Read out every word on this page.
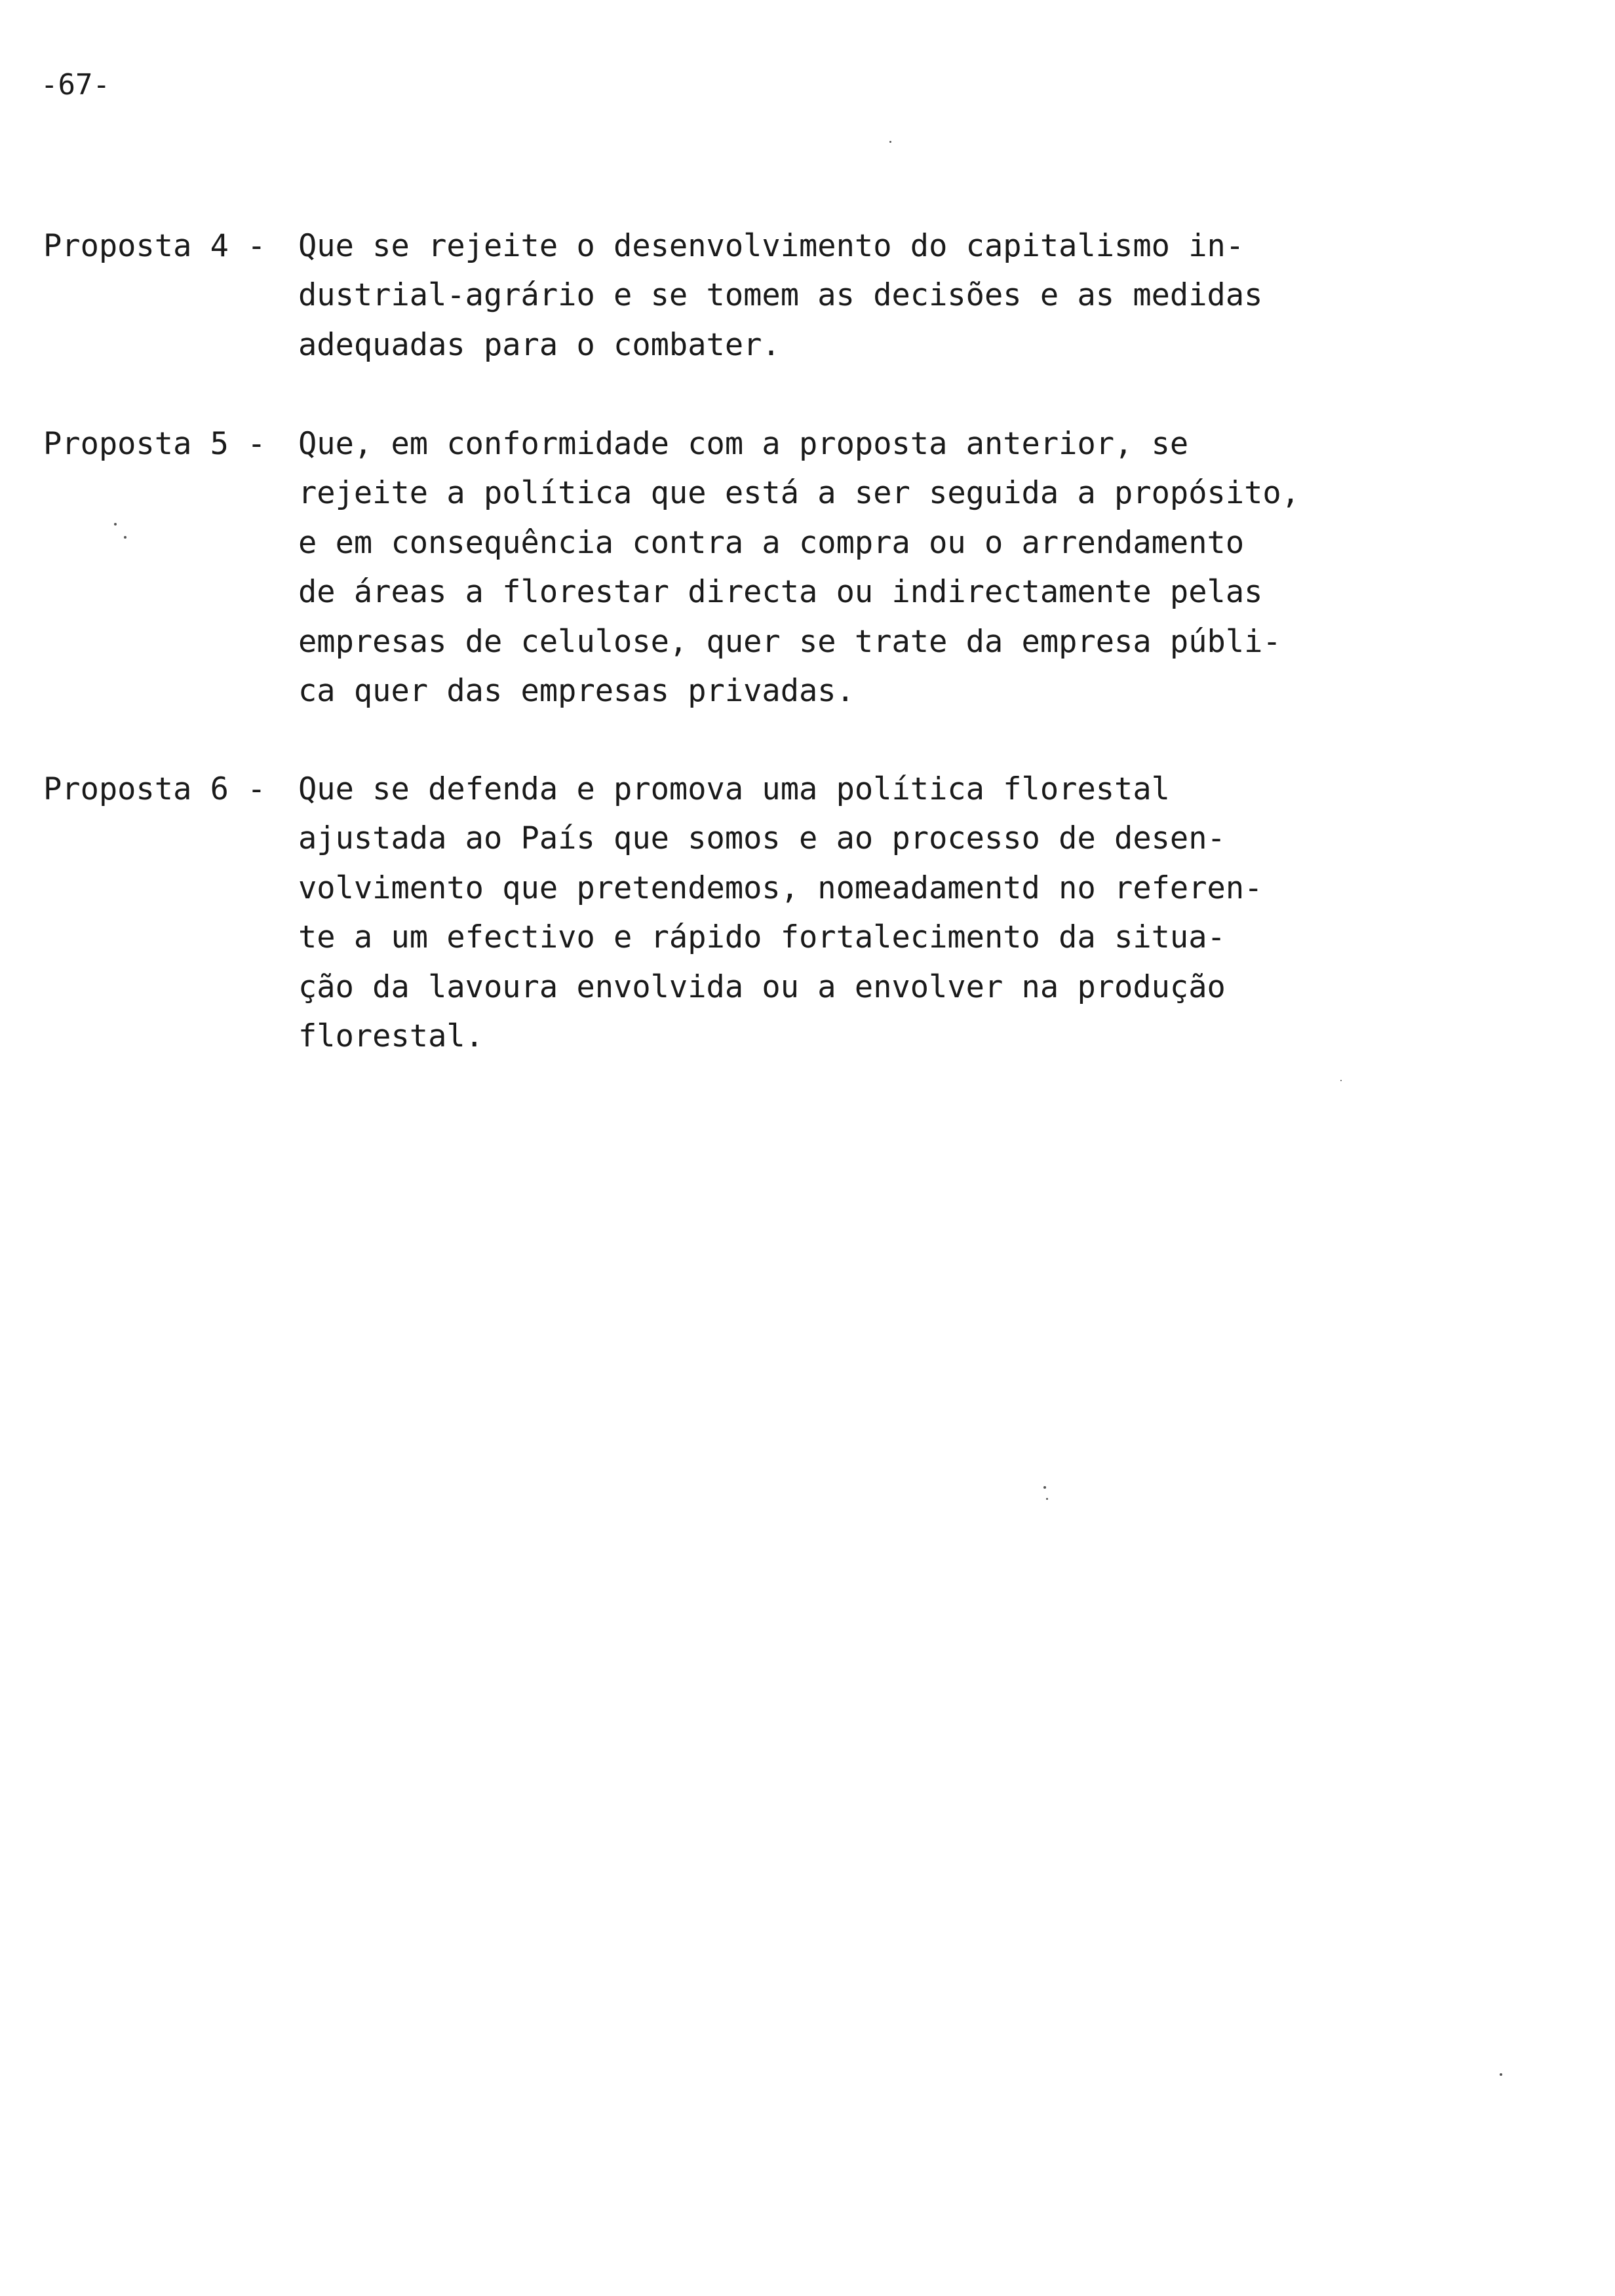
-67-
Proposta 4 - Que se rejeite o desenvolvimento do capitalismo in-
dustrial-agrário e se tomem as decisões e as medidas
adequadas para o combater.
Proposta 5 - Que, em conformidade com a proposta anterior, se
rejeite a política que está a ser seguida a propósito,
e em consequência contra a compra ou o arrendamento
de áreas a florestar directa ou indirectamente pelas
empresas de celulose, quer se trate da empresa públi-
ca quer das empresas privadas.
Proposta 6 - Que se defenda e promova uma política florestal
ajustada ao País que somos e ao processo de desen-
volvimento que pretendemos, nomeadamentd no referen-
te a um efectivo e rápido fortalecimento da situa-
ção da lavoura envolvida ou a envolver na produção
florestal.
